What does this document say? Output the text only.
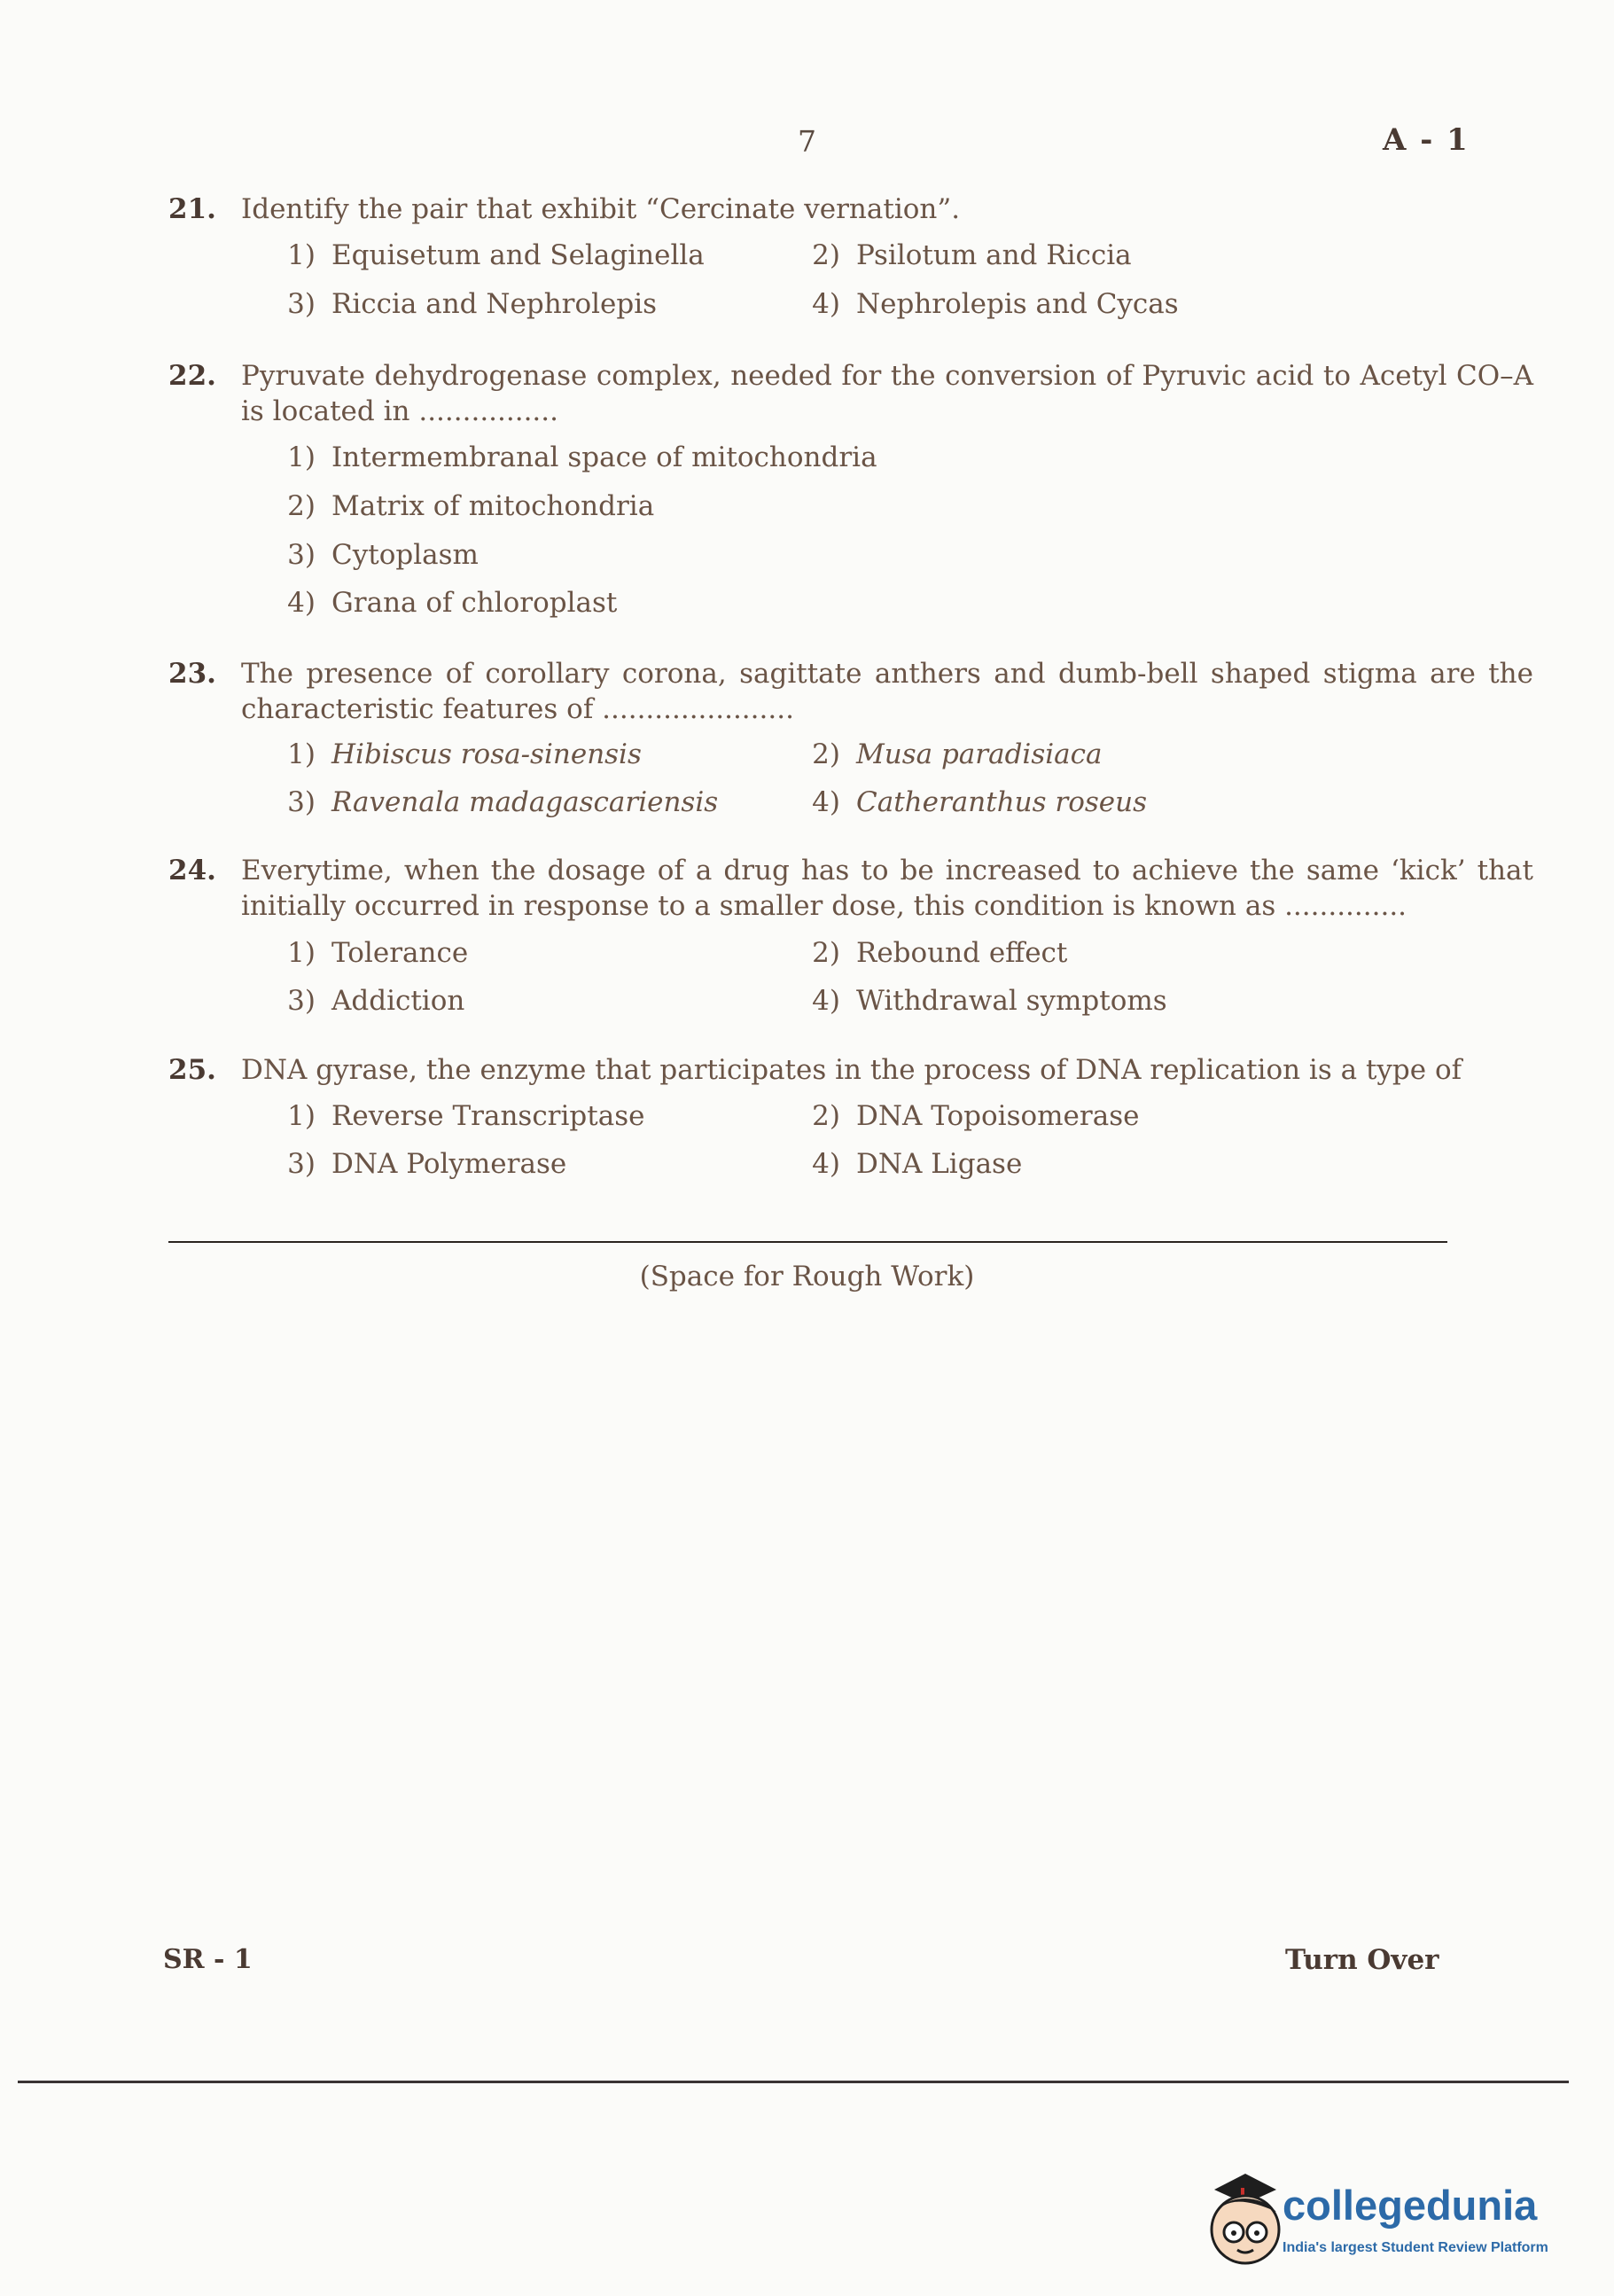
7	A - 1
21. Identify the pair that exhibit “Cercinate vernation”.
1) Equisetum and Selaginella	2) Psilotum and Riccia
3) Riccia and Nephrolepis	4) Nephrolepis and Cycas
22. Pyruvate dehydrogenase complex, needed for the conversion of Pyruvic acid to Acetyl CO–A is located in ................
1) Intermembranal space of mitochondria
2) Matrix of mitochondria
3) Cytoplasm
4) Grana of chloroplast
23. The presence of corollary corona, sagittate anthers and dumb-bell shaped stigma are the characteristic features of ......................
1) Hibiscus rosa-sinensis	2) Musa paradisiaca
3) Ravenala madagascariensis	4) Catheranthus roseus
24. Everytime, when the dosage of a drug has to be increased to achieve the same ‘kick’ that initially occurred in response to a smaller dose, this condition is known as ..............
1) Tolerance	2) Rebound effect
3) Addiction	4) Withdrawal symptoms
25. DNA gyrase, the enzyme that participates in the process of DNA replication is a type of
1) Reverse Transcriptase	2) DNA Topoisomerase
3) DNA Polymerase	4) DNA Ligase
(Space for Rough Work)
SR - 1	Turn Over
collegedunia
India's largest Student Review Platform
